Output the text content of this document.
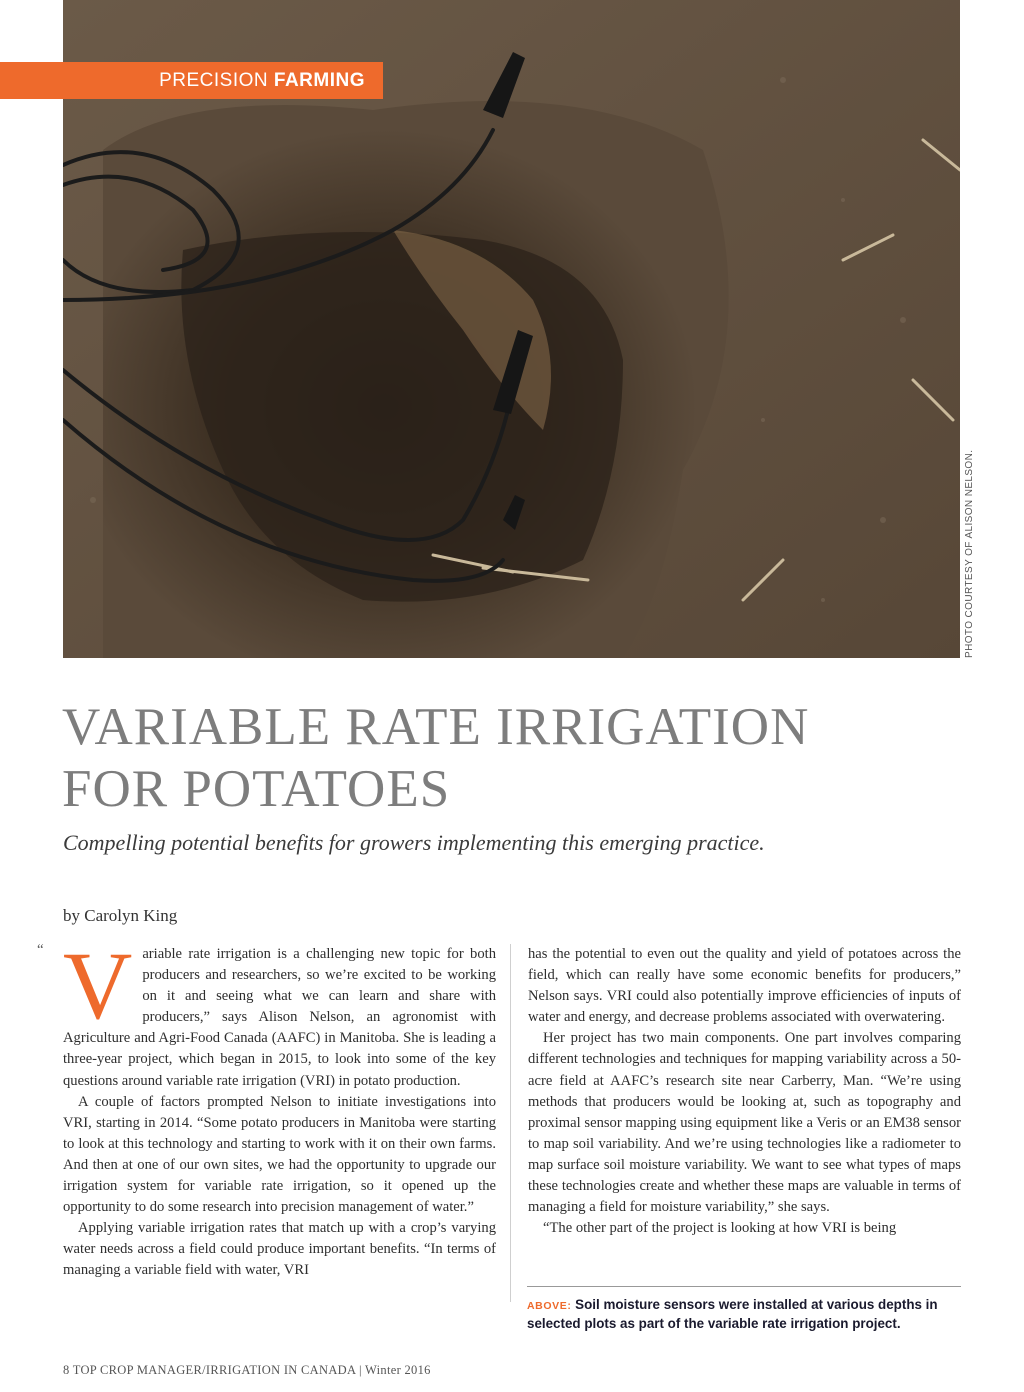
PRECISION FARMING
PHOTO COURTESY OF ALISON NELSON.
VARIABLE RATE IRRIGATION
FOR POTATOES
Compelling potential benefits for growers implementing this emerging practice.
by Carolyn King
“ Variable rate irrigation is a challenging new topic for both producers and researchers, so we’re excited to be working on it and seeing what we can learn and share with producers,” says Alison Nelson, an agronomist with Agriculture and Agri-Food Canada (AAFC) in Manitoba. She is leading a three-year project, which began in 2015, to look into some of the key questions around variable rate irrigation (VRI) in potato production.

A couple of factors prompted Nelson to initiate investigations into VRI, starting in 2014. “Some potato producers in Manitoba were starting to look at this technology and starting to work with it on their own farms. And then at one of our own sites, we had the opportunity to upgrade our irrigation system for variable rate irrigation, so it opened up the opportunity to do some research into precision management of water.”

Applying variable irrigation rates that match up with a crop’s varying water needs across a field could produce important benefits. “In terms of managing a variable field with water, VRI

has the potential to even out the quality and yield of potatoes across the field, which can really have some economic benefits for producers,” Nelson says. VRI could also potentially improve efficiencies of inputs of water and energy, and decrease problems associated with overwatering.

Her project has two main components. One part involves comparing different technologies and techniques for mapping variability across a 50-acre field at AAFC’s research site near Carberry, Man. “We’re using methods that producers would be looking at, such as topography and proximal sensor mapping using equipment like a Veris or an EM38 sensor to map soil variability. And we’re using technologies like a radiometer to map surface soil moisture variability. We want to see what types of maps these technologies create and whether these maps are valuable in terms of managing a field for moisture variability,” she says.

“The other part of the project is looking at how VRI is being

ABOVE: Soil moisture sensors were installed at various depths in selected plots as part of the variable rate irrigation project.
8 TOP CROP MANAGER/IRRIGATION IN CANADA | Winter 2016
